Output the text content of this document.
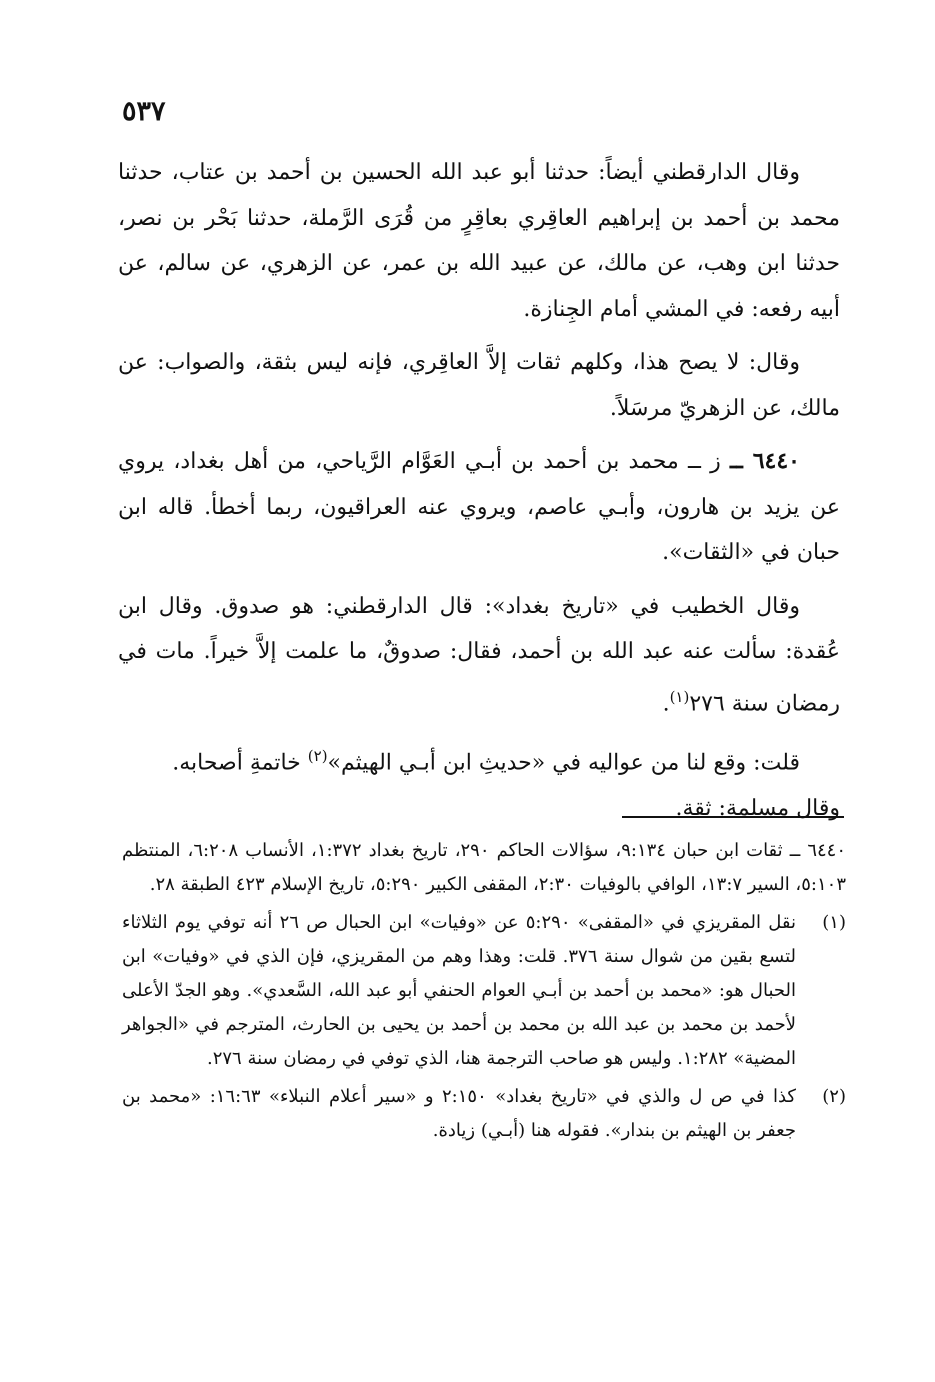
٥٣٧

وقال الدارقطني أيضاً: حدثنا أبو عبد الله الحسين بن أحمد بن عتاب، حدثنا محمد بن أحمد بن إبراهيم العاقِري بعاقِرٍ من قُرَى الرَّملة، حدثنا بَحْر بن نصر، حدثنا ابن وهب، عن مالك، عن عبيد الله بن عمر، عن الزهري، عن سالم، عن أبيه رفعه: في المشي أمام الجِنازة.

وقال: لا يصح هذا، وكلهم ثقات إلاَّ العاقِري، فإنه ليس بثقة، والصواب: عن مالك، عن الزهريّ مرسَلاً.

٦٤٤٠ ــ ز ــ محمد بن أحمد بن أبـي العَوَّام الرَّياحي، من أهل بغداد، يروي عن يزيد بن هارون، وأبـي عاصم، ويروي عنه العراقيون، ربما أخطأ. قاله ابن حبان في «الثقات».

وقال الخطيب في «تاريخ بغداد»: قال الدارقطني: هو صدوق. وقال ابن عُقدة: سألت عنه عبد الله بن أحمد، فقال: صدوقٌ، ما علمت إلاَّ خيراً. مات في رمضان سنة ٢٧٦$^{(١)}$.

قلت: وقع لنا من عواليه في «حديثِ ابن أبـي الهيثم»$^{(٢)}$ خاتمةِ أصحابه.

وقال مسلمة: ثقة.

٦٤٤٠ ــ ثقات ابن حبان ٩:١٣٤، سؤالات الحاكم ٢٩٠، تاريخ بغداد ١:٣٧٢، الأنساب ٦:٢٠٨، المنتظم ٥:١٠٣، السير ١٣:٧، الوافي بالوفيات ٢:٣٠، المقفى الكبير ٥:٢٩٠، تاريخ الإسلام ٤٢٣ الطبقة ٢٨.
(١)
نقل المقريزي في «المقفى» ٥:٢٩٠ عن «وفيات» ابن الحبال ص ٢٦ أنه توفي يوم الثلاثاء لتسع بقين من شوال سنة ٣٧٦. قلت: وهذا وهم من المقريزي، فإن الذي في «وفيات» ابن الحبال هو: «محمد بن أحمد بن أبـي العوام الحنفي أبو عبد الله، السَّعدي». وهو الجدّ الأعلى لأحمد بن محمد بن عبد الله بن محمد بن أحمد بن يحيى بن الحارث، المترجم في «الجواهر المضية» ١:٢٨٢. وليس هو صاحب الترجمة هنا، الذي توفي في رمضان سنة ٢٧٦.
(٢)
كذا في ص ل والذي في «تاريخ بغداد» ٢:١٥٠ و «سير أعلام النبلاء» ١٦:٦٣: «محمد بن جعفر بن الهيثم بن بندار». فقوله هنا (أبـي) زيادة.
